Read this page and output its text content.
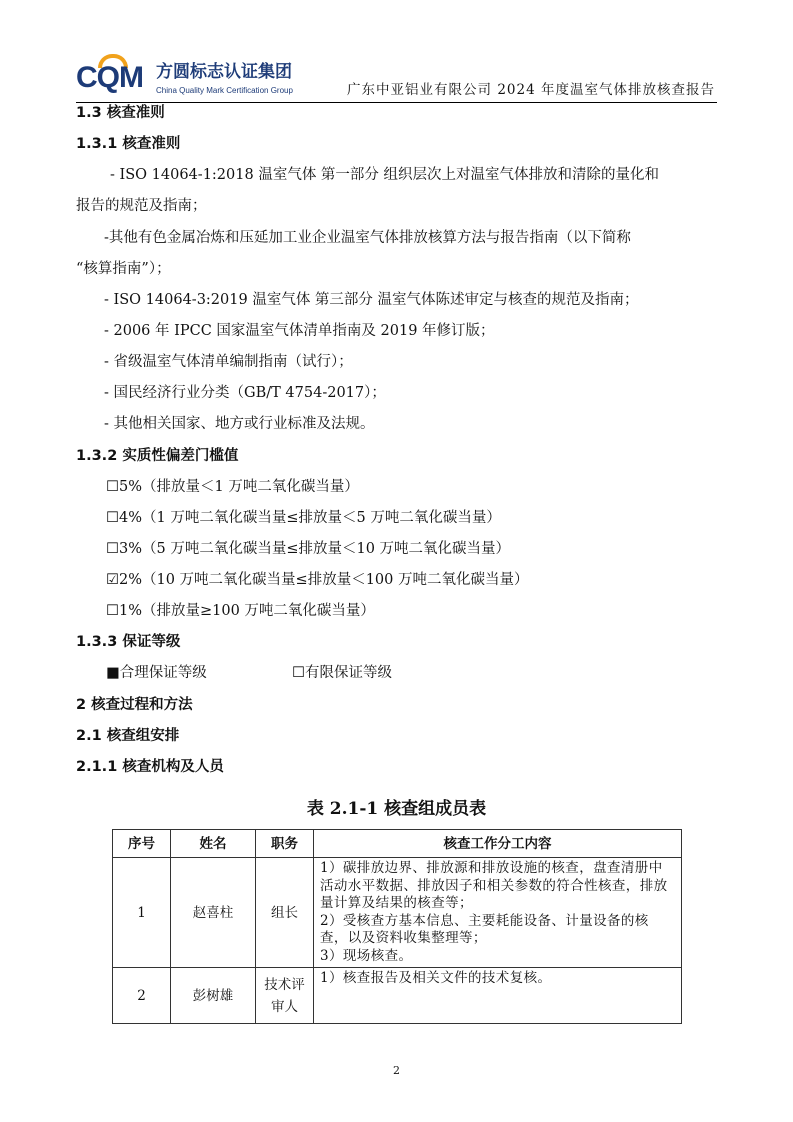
CQM 方圆标志认证集团
China Quality Mark Certification Group	广东中亚铝业有限公司 2024 年度温室气体排放核查报告
1.3 核查准则
1.3.1 核查准则
- ISO 14064-1:2018 温室气体 第一部分 组织层次上对温室气体排放和清除的量化和
报告的规范及指南；
-其他有色金属冶炼和压延加工业企业温室气体排放核算方法与报告指南（以下简称
“核算指南”）；
- ISO 14064-3:2019 温室气体 第三部分 温室气体陈述审定与核查的规范及指南；
- 2006 年 IPCC 国家温室气体清单指南及 2019 年修订版；
- 省级温室气体清单编制指南（试行）；
- 国民经济行业分类（GB/T 4754-2017）；
- 其他相关国家、地方或行业标准及法规。
1.3.2 实质性偏差门槛值
☐5%（排放量＜1 万吨二氧化碳当量）
☐4%（1 万吨二氧化碳当量≤排放量＜5 万吨二氧化碳当量）
☐3%（5 万吨二氧化碳当量≤排放量＜10 万吨二氧化碳当量）
☑2%（10 万吨二氧化碳当量≤排放量＜100 万吨二氧化碳当量）
☐1%（排放量≥100 万吨二氧化碳当量）
1.3.3 保证等级
■合理保证等级	☐有限保证等级
2 核查过程和方法
2.1 核查组安排
2.1.1 核查机构及人员
表 2.1-1 核查组成员表
序号	姓名	职务	核查工作分工内容
1	赵喜柱	组长	1）碳排放边界、排放源和排放设施的核查，盘查清册中活动水平数据、排放因子和相关参数的符合性核查，排放量计算及结果的核查等；
2）受核查方基本信息、主要耗能设备、计量设备的核查，以及资料收集整理等；
3）现场核查。
2	彭树雄	技术评审人	1）核查报告及相关文件的技术复核。
2
